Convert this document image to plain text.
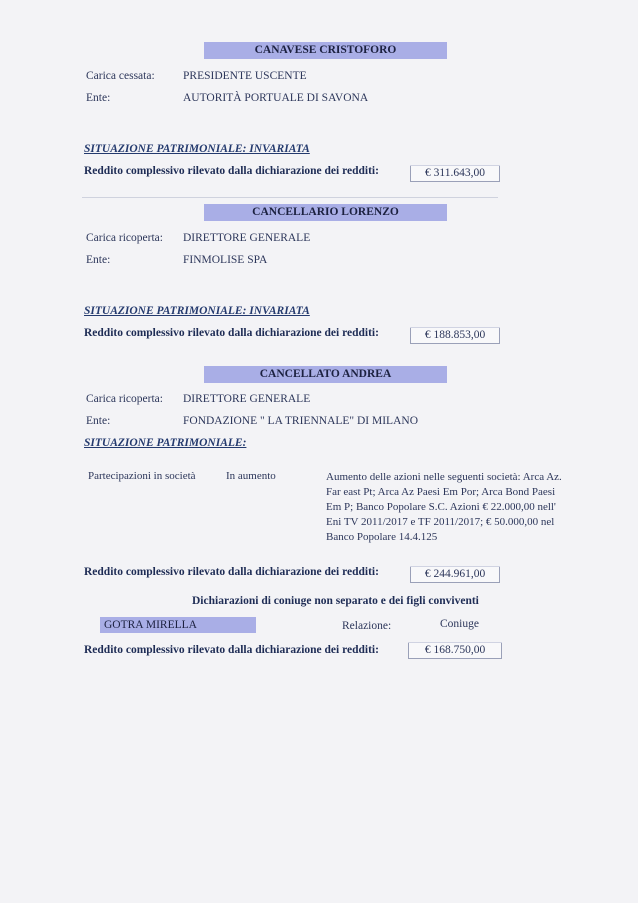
CANAVESE CRISTOFORO
Carica cessata: PRESIDENTE USCENTE
Ente:	AUTORITÀ PORTUALE DI SAVONA
SITUAZIONE PATRIMONIALE: INVARIATA
Reddito complessivo rilevato dalla dichiarazione dei redditi:	€ 311.643,00
CANCELLARIO LORENZO
Carica ricoperta: DIRETTORE GENERALE
Ente:	FINMOLISE SPA
SITUAZIONE PATRIMONIALE: INVARIATA
Reddito complessivo rilevato dalla dichiarazione dei redditi:	€ 188.853,00
CANCELLATO ANDREA
Carica ricoperta: DIRETTORE GENERALE
Ente:	FONDAZIONE " LA TRIENNALE" DI MILANO
SITUAZIONE PATRIMONIALE:
Partecipazioni in società	In aumento	Aumento delle azioni nelle seguenti società: Arca Az. Far east Pt; Arca Az Paesi Em Por; Arca Bond Paesi Em P; Banco Popolare S.C. Azioni € 22.000,00 nell' Eni TV 2011/2017 e TF 2011/2017; € 50.000,00 nel Banco Popolare 14.4.125
Reddito complessivo rilevato dalla dichiarazione dei redditi:	€ 244.961,00
Dichiarazioni di coniuge non separato e dei figli conviventi
GOTRA MIRELLA	Relazione:	Coniuge
Reddito complessivo rilevato dalla dichiarazione dei redditi:	€ 168.750,00
